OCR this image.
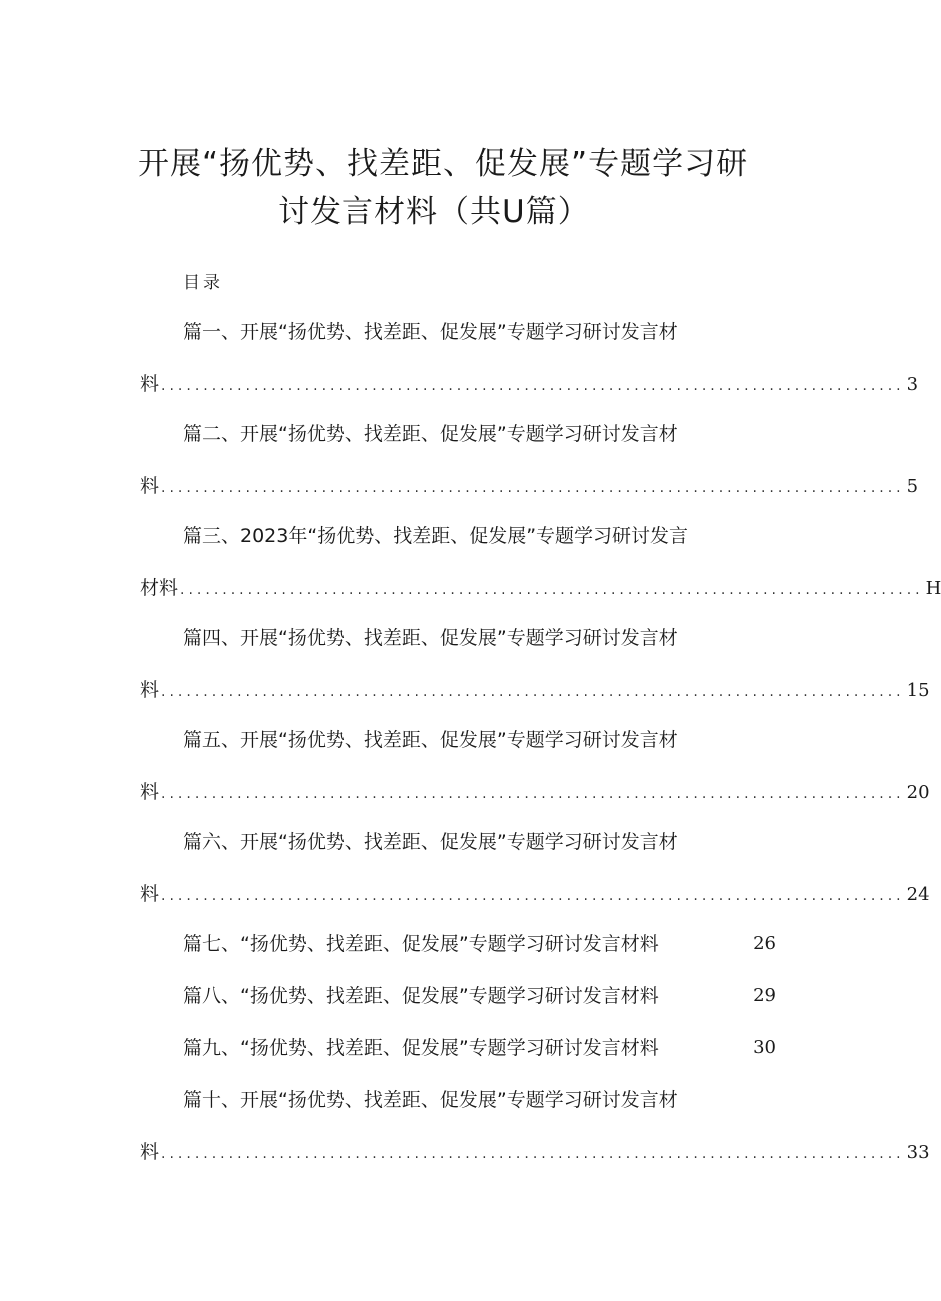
开展“扬优势、找差距、促发展”专题学习研
讨发言材料（共U篇）
目录
篇一、开展“扬优势、找差距、促发展”专题学习研讨发言材
料 ........................................................................................ 3
篇二、开展“扬优势、找差距、促发展”专题学习研讨发言材
料 ........................................................................................ 5
篇三、2023年“扬优势、找差距、促发展”专题学习研讨发言
材料 ........................................................................................ H
篇四、开展“扬优势、找差距、促发展”专题学习研讨发言材
料 ........................................................................................ 15
篇五、开展“扬优势、找差距、促发展”专题学习研讨发言材
料 ........................................................................................ 20
篇六、开展“扬优势、找差距、促发展”专题学习研讨发言材
料 ........................................................................................ 24
篇七、“扬优势、找差距、促发展”专题学习研讨发言材料	26
篇八、“扬优势、找差距、促发展”专题学习研讨发言材料	29
篇九、“扬优势、找差距、促发展”专题学习研讨发言材料	30
篇十、开展“扬优势、找差距、促发展”专题学习研讨发言材
料 ........................................................................................ 33
